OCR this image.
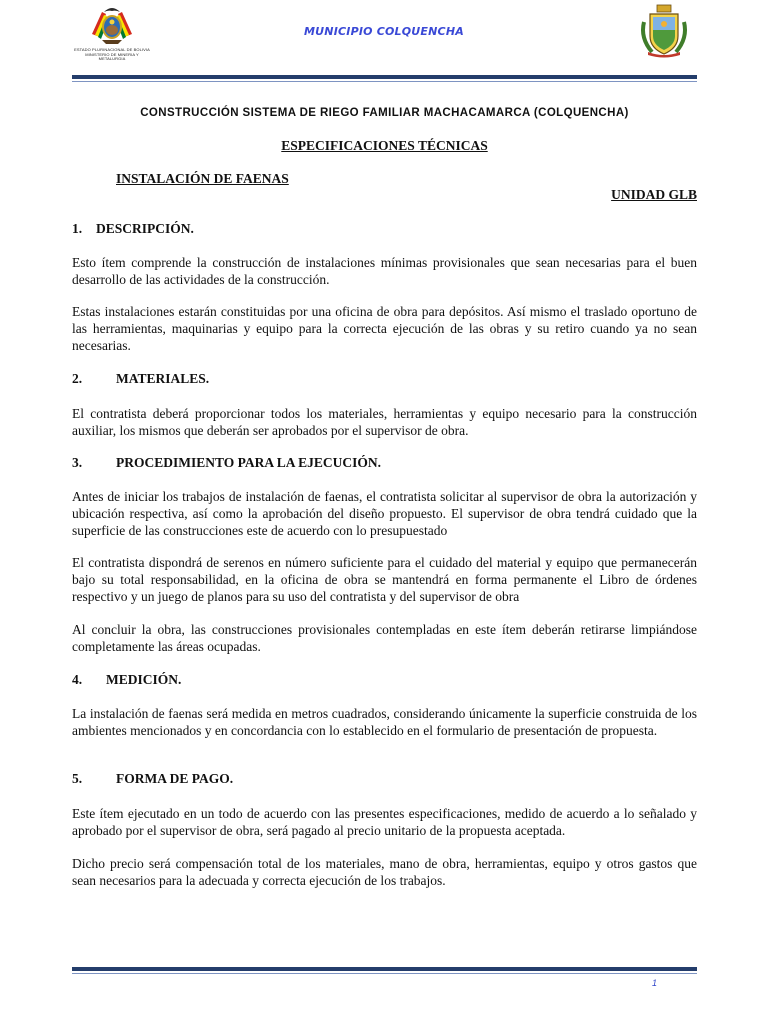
ESTADO PLURINACIONAL DE BOLIVIA
MINISTERIO DE MINERIA Y METALURGIA
MUNICIPIO COLQUENCHA
CONSTRUCCIÓN SISTEMA DE RIEGO FAMILIAR MACHACAMARCA (COLQUENCHA)
ESPECIFICACIONES TÉCNICAS
INSTALACIÓN DE FAENAS
UNIDAD GLB
1. DESCRIPCIÓN.
Esto ítem comprende la construcción de instalaciones mínimas provisionales que sean necesarias para el buen desarrollo de las actividades de la construcción.
Estas instalaciones estarán constituidas por una oficina de obra para depósitos. Así mismo el traslado oportuno de las herramientas, maquinarias y equipo para la correcta ejecución de las obras y su retiro cuando ya no sean necesarias.
2.	MATERIALES.
El contratista deberá proporcionar todos los materiales, herramientas y equipo necesario para la construcción auxiliar, los mismos que deberán ser aprobados por el supervisor de obra.
3.	PROCEDIMIENTO PARA LA EJECUCIÓN.
Antes de iniciar los trabajos de instalación de faenas, el contratista solicitar al supervisor de obra la autorización y ubicación respectiva, así como la aprobación del diseño propuesto. El supervisor de obra tendrá cuidado que la superficie de las construcciones este de acuerdo con lo presupuestado
El contratista dispondrá de serenos en número suficiente para el cuidado del material y equipo que permanecerán bajo su total responsabilidad, en la oficina de obra se mantendrá en forma permanente el Libro de órdenes respectivo y un juego de planos para su uso del contratista y del supervisor de obra
Al concluir la obra, las construcciones provisionales contempladas en este ítem deberán retirarse limpiándose completamente las áreas ocupadas.
4. MEDICIÓN.
La instalación de faenas será medida en metros cuadrados, considerando únicamente la superficie construida de los ambientes mencionados y en concordancia con lo establecido en el formulario de presentación de propuesta.
5.	FORMA DE PAGO.
Este ítem ejecutado en un todo de acuerdo con las presentes especificaciones, medido de acuerdo a lo señalado y aprobado por el supervisor de obra, será pagado al precio unitario de la propuesta aceptada.
Dicho precio será compensación total de los materiales, mano de obra, herramientas, equipo y otros gastos que sean necesarios para la adecuada y correcta ejecución de los trabajos.
1
